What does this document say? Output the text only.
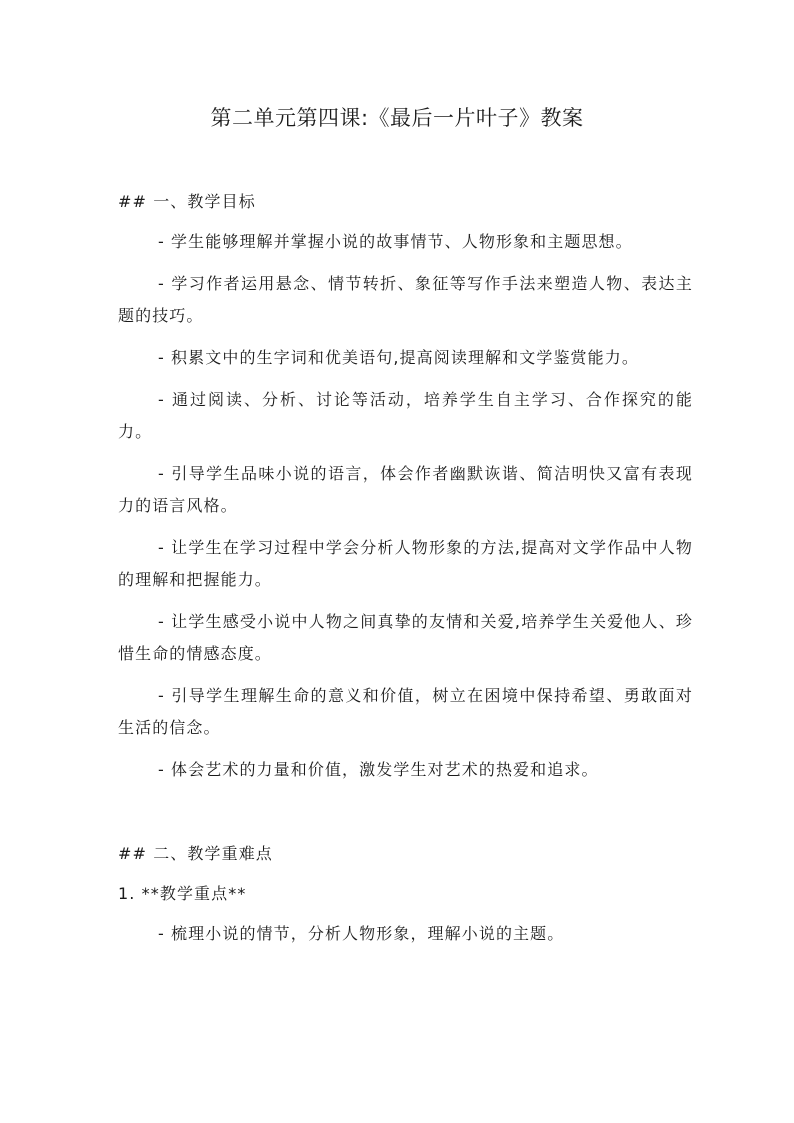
第二单元第四课:《最后一片叶子》教案

## 一、教学目标

- 学生能够理解并掌握小说的故事情节、人物形象和主题思想。

- 学习作者运用悬念、情节转折、象征等写作手法来塑造人物、表达主题的技巧。

- 积累文中的生字词和优美语句,提高阅读理解和文学鉴赏能力。

- 通过阅读、分析、讨论等活动，培养学生自主学习、合作探究的能力。

- 引导学生品味小说的语言，体会作者幽默诙谐、简洁明快又富有表现力的语言风格。

- 让学生在学习过程中学会分析人物形象的方法,提高对文学作品中人物的理解和把握能力。

- 让学生感受小说中人物之间真挚的友情和关爱,培养学生关爱他人、珍惜生命的情感态度。

- 引导学生理解生命的意义和价值，树立在困境中保持希望、勇敢面对生活的信念。

- 体会艺术的力量和价值，激发学生对艺术的热爱和追求。

## 二、教学重难点

1. **教学重点**

- 梳理小说的情节，分析人物形象，理解小说的主题。
